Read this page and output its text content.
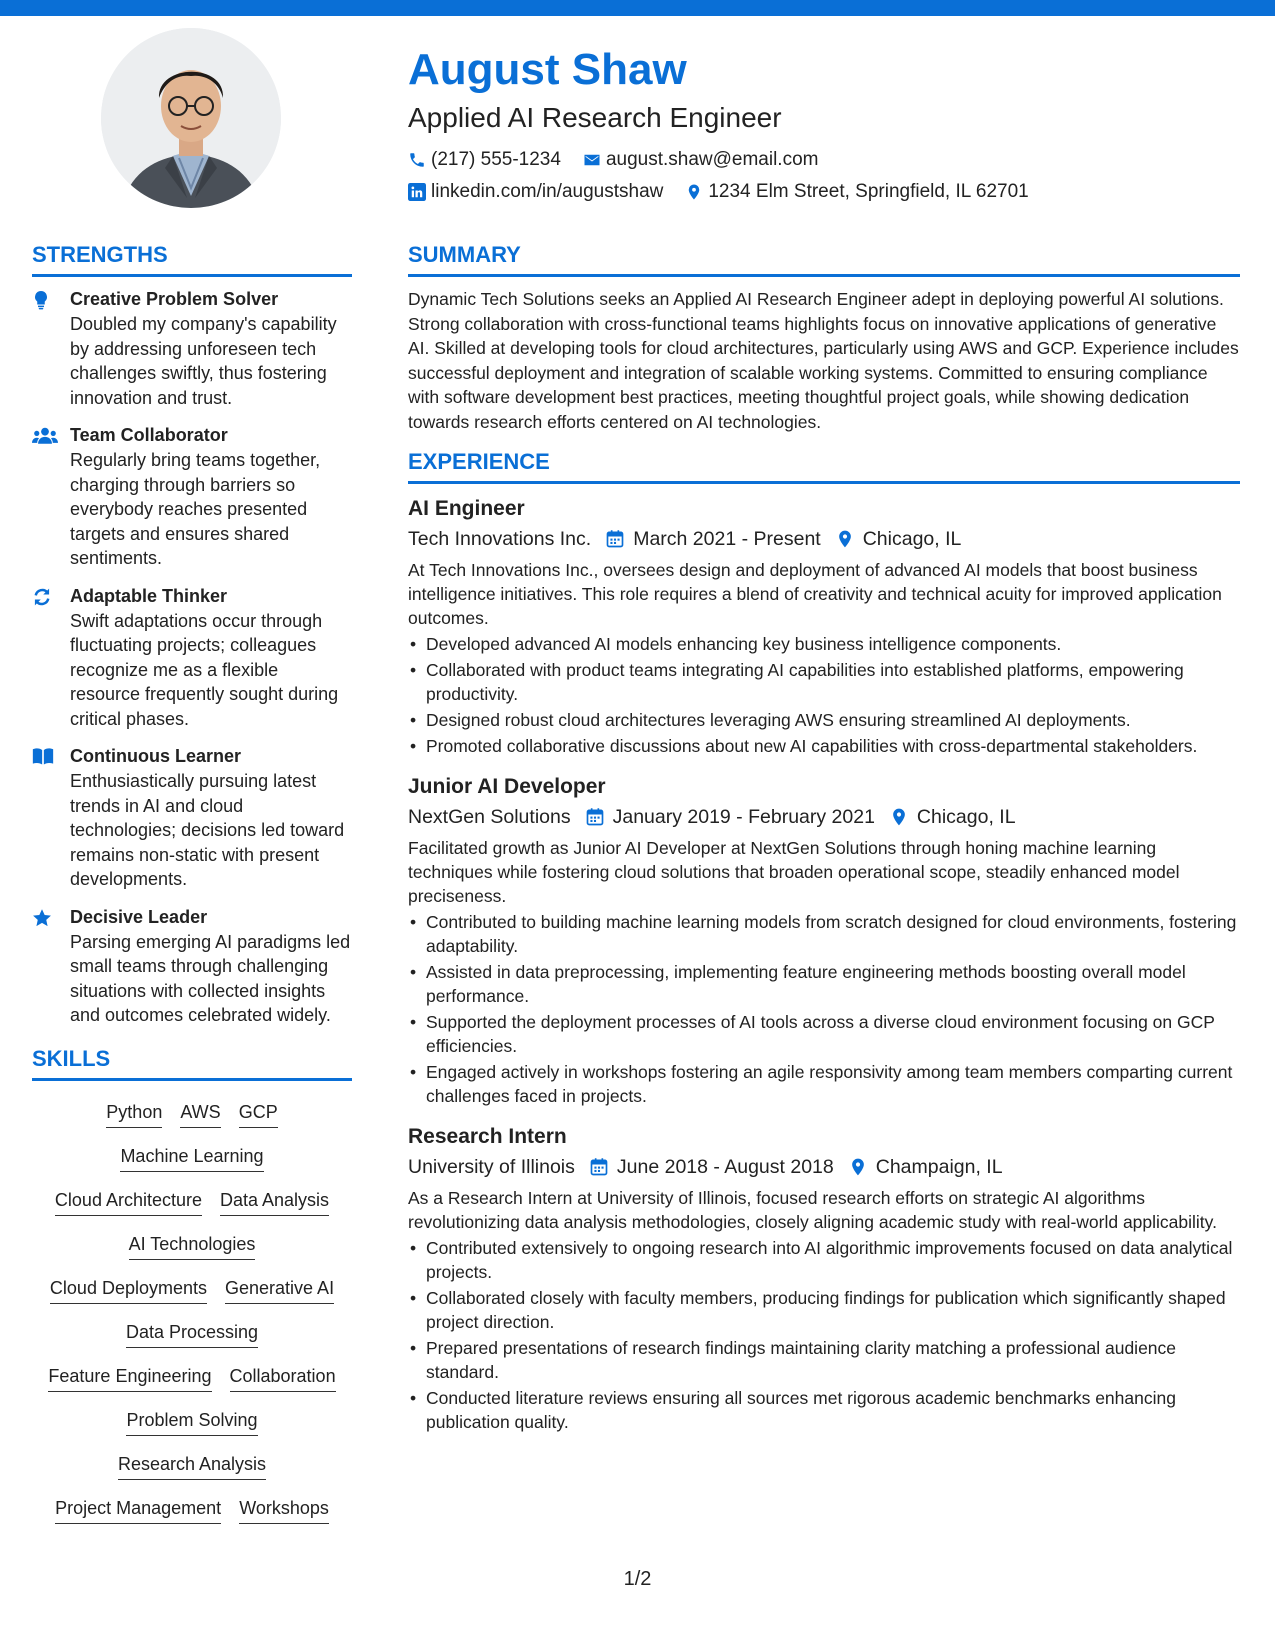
August Shaw
Applied AI Research Engineer
(217) 555-1234 august.shaw@email.com
linkedin.com/in/augustshaw 1234 Elm Street, Springfield, IL 62701
STRENGTHS
Creative Problem Solver
Doubled my company's capability by addressing unforeseen tech challenges swiftly, thus fostering innovation and trust.
Team Collaborator
Regularly bring teams together, charging through barriers so everybody reaches presented targets and ensures shared sentiments.
Adaptable Thinker
Swift adaptations occur through fluctuating projects; colleagues recognize me as a flexible resource frequently sought during critical phases.
Continuous Learner
Enthusiastically pursuing latest trends in AI and cloud technologies; decisions led toward remains non-static with present developments.
Decisive Leader
Parsing emerging AI paradigms led small teams through challenging situations with collected insights and outcomes celebrated widely.
SKILLS
Python AWS GCP
Machine Learning
Cloud Architecture Data Analysis
AI Technologies
Cloud Deployments Generative AI
Data Processing
Feature Engineering Collaboration
Problem Solving
Research Analysis
Project Management Workshops
SUMMARY
Dynamic Tech Solutions seeks an Applied AI Research Engineer adept in deploying powerful AI solutions. Strong collaboration with cross-functional teams highlights focus on innovative applications of generative AI. Skilled at developing tools for cloud architectures, particularly using AWS and GCP. Experience includes successful deployment and integration of scalable working systems. Committed to ensuring compliance with software development best practices, meeting thoughtful project goals, while showing dedication towards research efforts centered on AI technologies.
EXPERIENCE
AI Engineer
Tech Innovations Inc. March 2021 - Present Chicago, IL
At Tech Innovations Inc., oversees design and deployment of advanced AI models that boost business intelligence initiatives. This role requires a blend of creativity and technical acuity for improved application outcomes.
• Developed advanced AI models enhancing key business intelligence components.
• Collaborated with product teams integrating AI capabilities into established platforms, empowering productivity.
• Designed robust cloud architectures leveraging AWS ensuring streamlined AI deployments.
• Promoted collaborative discussions about new AI capabilities with cross-departmental stakeholders.
Junior AI Developer
NextGen Solutions January 2019 - February 2021 Chicago, IL
Facilitated growth as Junior AI Developer at NextGen Solutions through honing machine learning techniques while fostering cloud solutions that broaden operational scope, steadily enhanced model preciseness.
• Contributed to building machine learning models from scratch designed for cloud environments, fostering adaptability.
• Assisted in data preprocessing, implementing feature engineering methods boosting overall model performance.
• Supported the deployment processes of AI tools across a diverse cloud environment focusing on GCP efficiencies.
• Engaged actively in workshops fostering an agile responsivity among team members comparting current challenges faced in projects.
Research Intern
University of Illinois June 2018 - August 2018 Champaign, IL
As a Research Intern at University of Illinois, focused research efforts on strategic AI algorithms revolutionizing data analysis methodologies, closely aligning academic study with real-world applicability.
• Contributed extensively to ongoing research into AI algorithmic improvements focused on data analytical projects.
• Collaborated closely with faculty members, producing findings for publication which significantly shaped project direction.
• Prepared presentations of research findings maintaining clarity matching a professional audience standard.
• Conducted literature reviews ensuring all sources met rigorous academic benchmarks enhancing publication quality.
1/2
